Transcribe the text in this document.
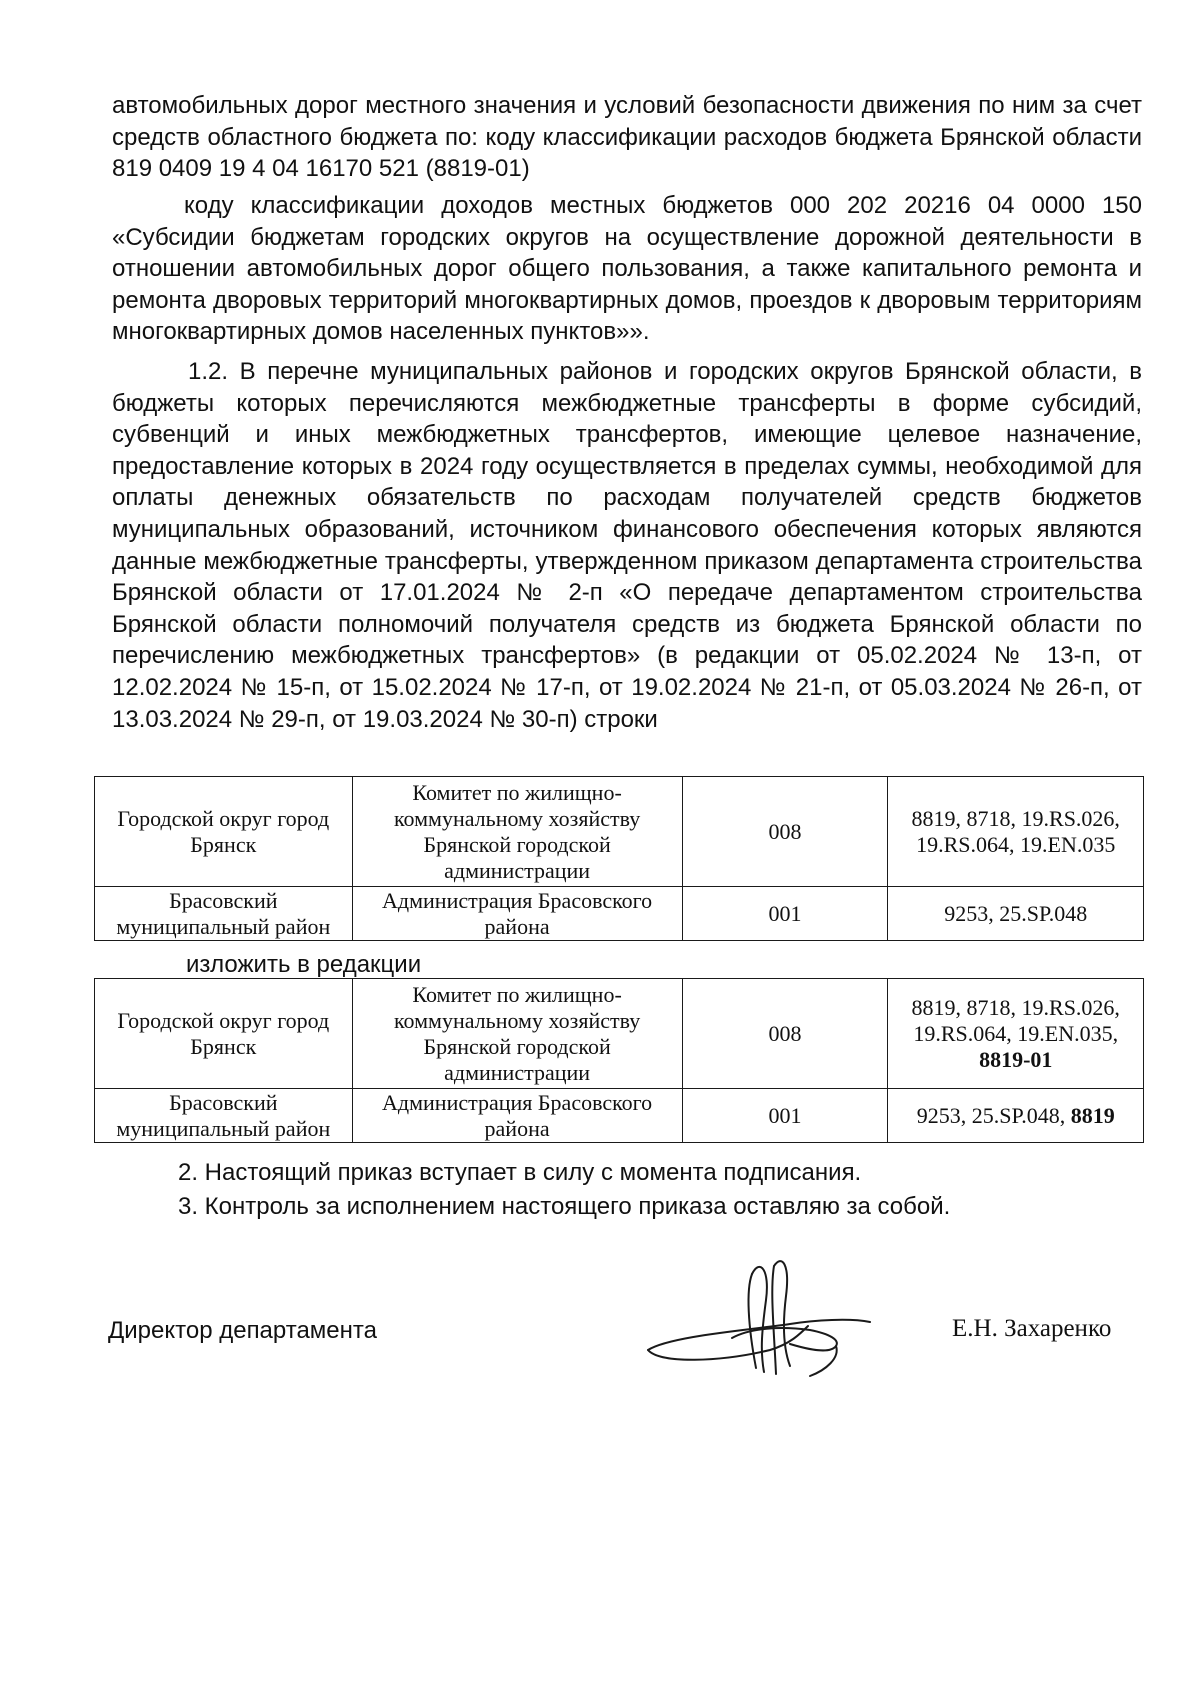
автомобильных дорог местного значения и условий безопасности движения по ним за счет средств областного бюджета по: коду классификации расходов бюджета Брянской области 819 0409 19 4 04 16170 521 (8819-01)

коду классификации доходов местных бюджетов 000 202 20216 04 0000 150 «Субсидии бюджетам городских округов на осуществление дорожной деятельности в отношении автомобильных дорог общего пользования, а также капитального ремонта и ремонта дворовых территорий многоквартирных домов, проездов к дворовым территориям многоквартирных домов населенных пунктов»».

1.2. В перечне муниципальных районов и городских округов Брянской области, в бюджеты которых перечисляются межбюджетные трансферты в форме субсидий, субвенций и иных межбюджетных трансфертов, имеющие целевое назначение, предоставление которых в 2024 году осуществляется в пределах суммы, необходимой для оплаты денежных обязательств по расходам получателей средств бюджетов муниципальных образований, источником финансового обеспечения которых являются данные межбюджетные трансферты, утвержденном приказом департамента строительства Брянской области от 17.01.2024 № 2-п «О передаче департаментом строительства Брянской области полномочий получателя средств из бюджета Брянской области по перечислению межбюджетных трансфертов» (в редакции от 05.02.2024 № 13-п, от 12.02.2024 № 15-п, от 15.02.2024 № 17-п, от 19.02.2024 № 21-п, от 05.03.2024 № 26-п, от 13.03.2024 № 29-п, от 19.03.2024 № 30-п) строки

Городской округ город Брянск	Комитет по жилищно-коммунальному хозяйству Брянской городской администрации	008	8819, 8718, 19.RS.026, 19.RS.064, 19.EN.035
Брасовский муниципальный район	Администрация Брасовского района	001	9253, 25.SP.048

изложить в редакции

Городской округ город Брянск	Комитет по жилищно-коммунальному хозяйству Брянской городской администрации	008	8819, 8718, 19.RS.026, 19.RS.064, 19.EN.035,
8819-01
Брасовский муниципальный район	Администрация Брасовского района	001	9253, 25.SP.048, 8819

2. Настоящий приказ вступает в силу с момента подписания.

3. Контроль за исполнением настоящего приказа оставляю за собой.

Директор департамента	Е.Н. Захаренко
